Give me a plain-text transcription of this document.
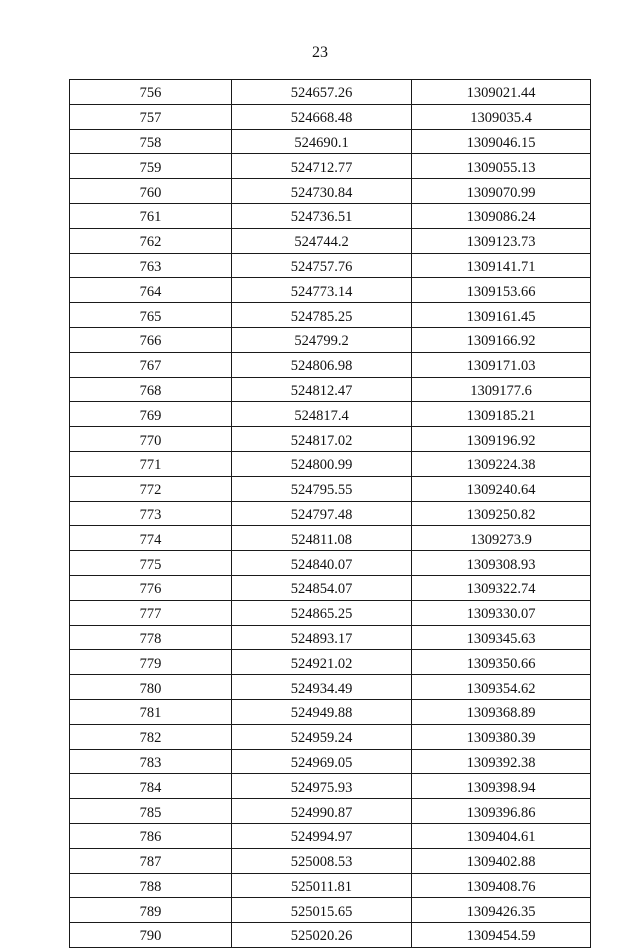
23
756	524657.26	1309021.44
757	524668.48	1309035.4
758	524690.1	1309046.15
759	524712.77	1309055.13
760	524730.84	1309070.99
761	524736.51	1309086.24
762	524744.2	1309123.73
763	524757.76	1309141.71
764	524773.14	1309153.66
765	524785.25	1309161.45
766	524799.2	1309166.92
767	524806.98	1309171.03
768	524812.47	1309177.6
769	524817.4	1309185.21
770	524817.02	1309196.92
771	524800.99	1309224.38
772	524795.55	1309240.64
773	524797.48	1309250.82
774	524811.08	1309273.9
775	524840.07	1309308.93
776	524854.07	1309322.74
777	524865.25	1309330.07
778	524893.17	1309345.63
779	524921.02	1309350.66
780	524934.49	1309354.62
781	524949.88	1309368.89
782	524959.24	1309380.39
783	524969.05	1309392.38
784	524975.93	1309398.94
785	524990.87	1309396.86
786	524994.97	1309404.61
787	525008.53	1309402.88
788	525011.81	1309408.76
789	525015.65	1309426.35
790	525020.26	1309454.59
